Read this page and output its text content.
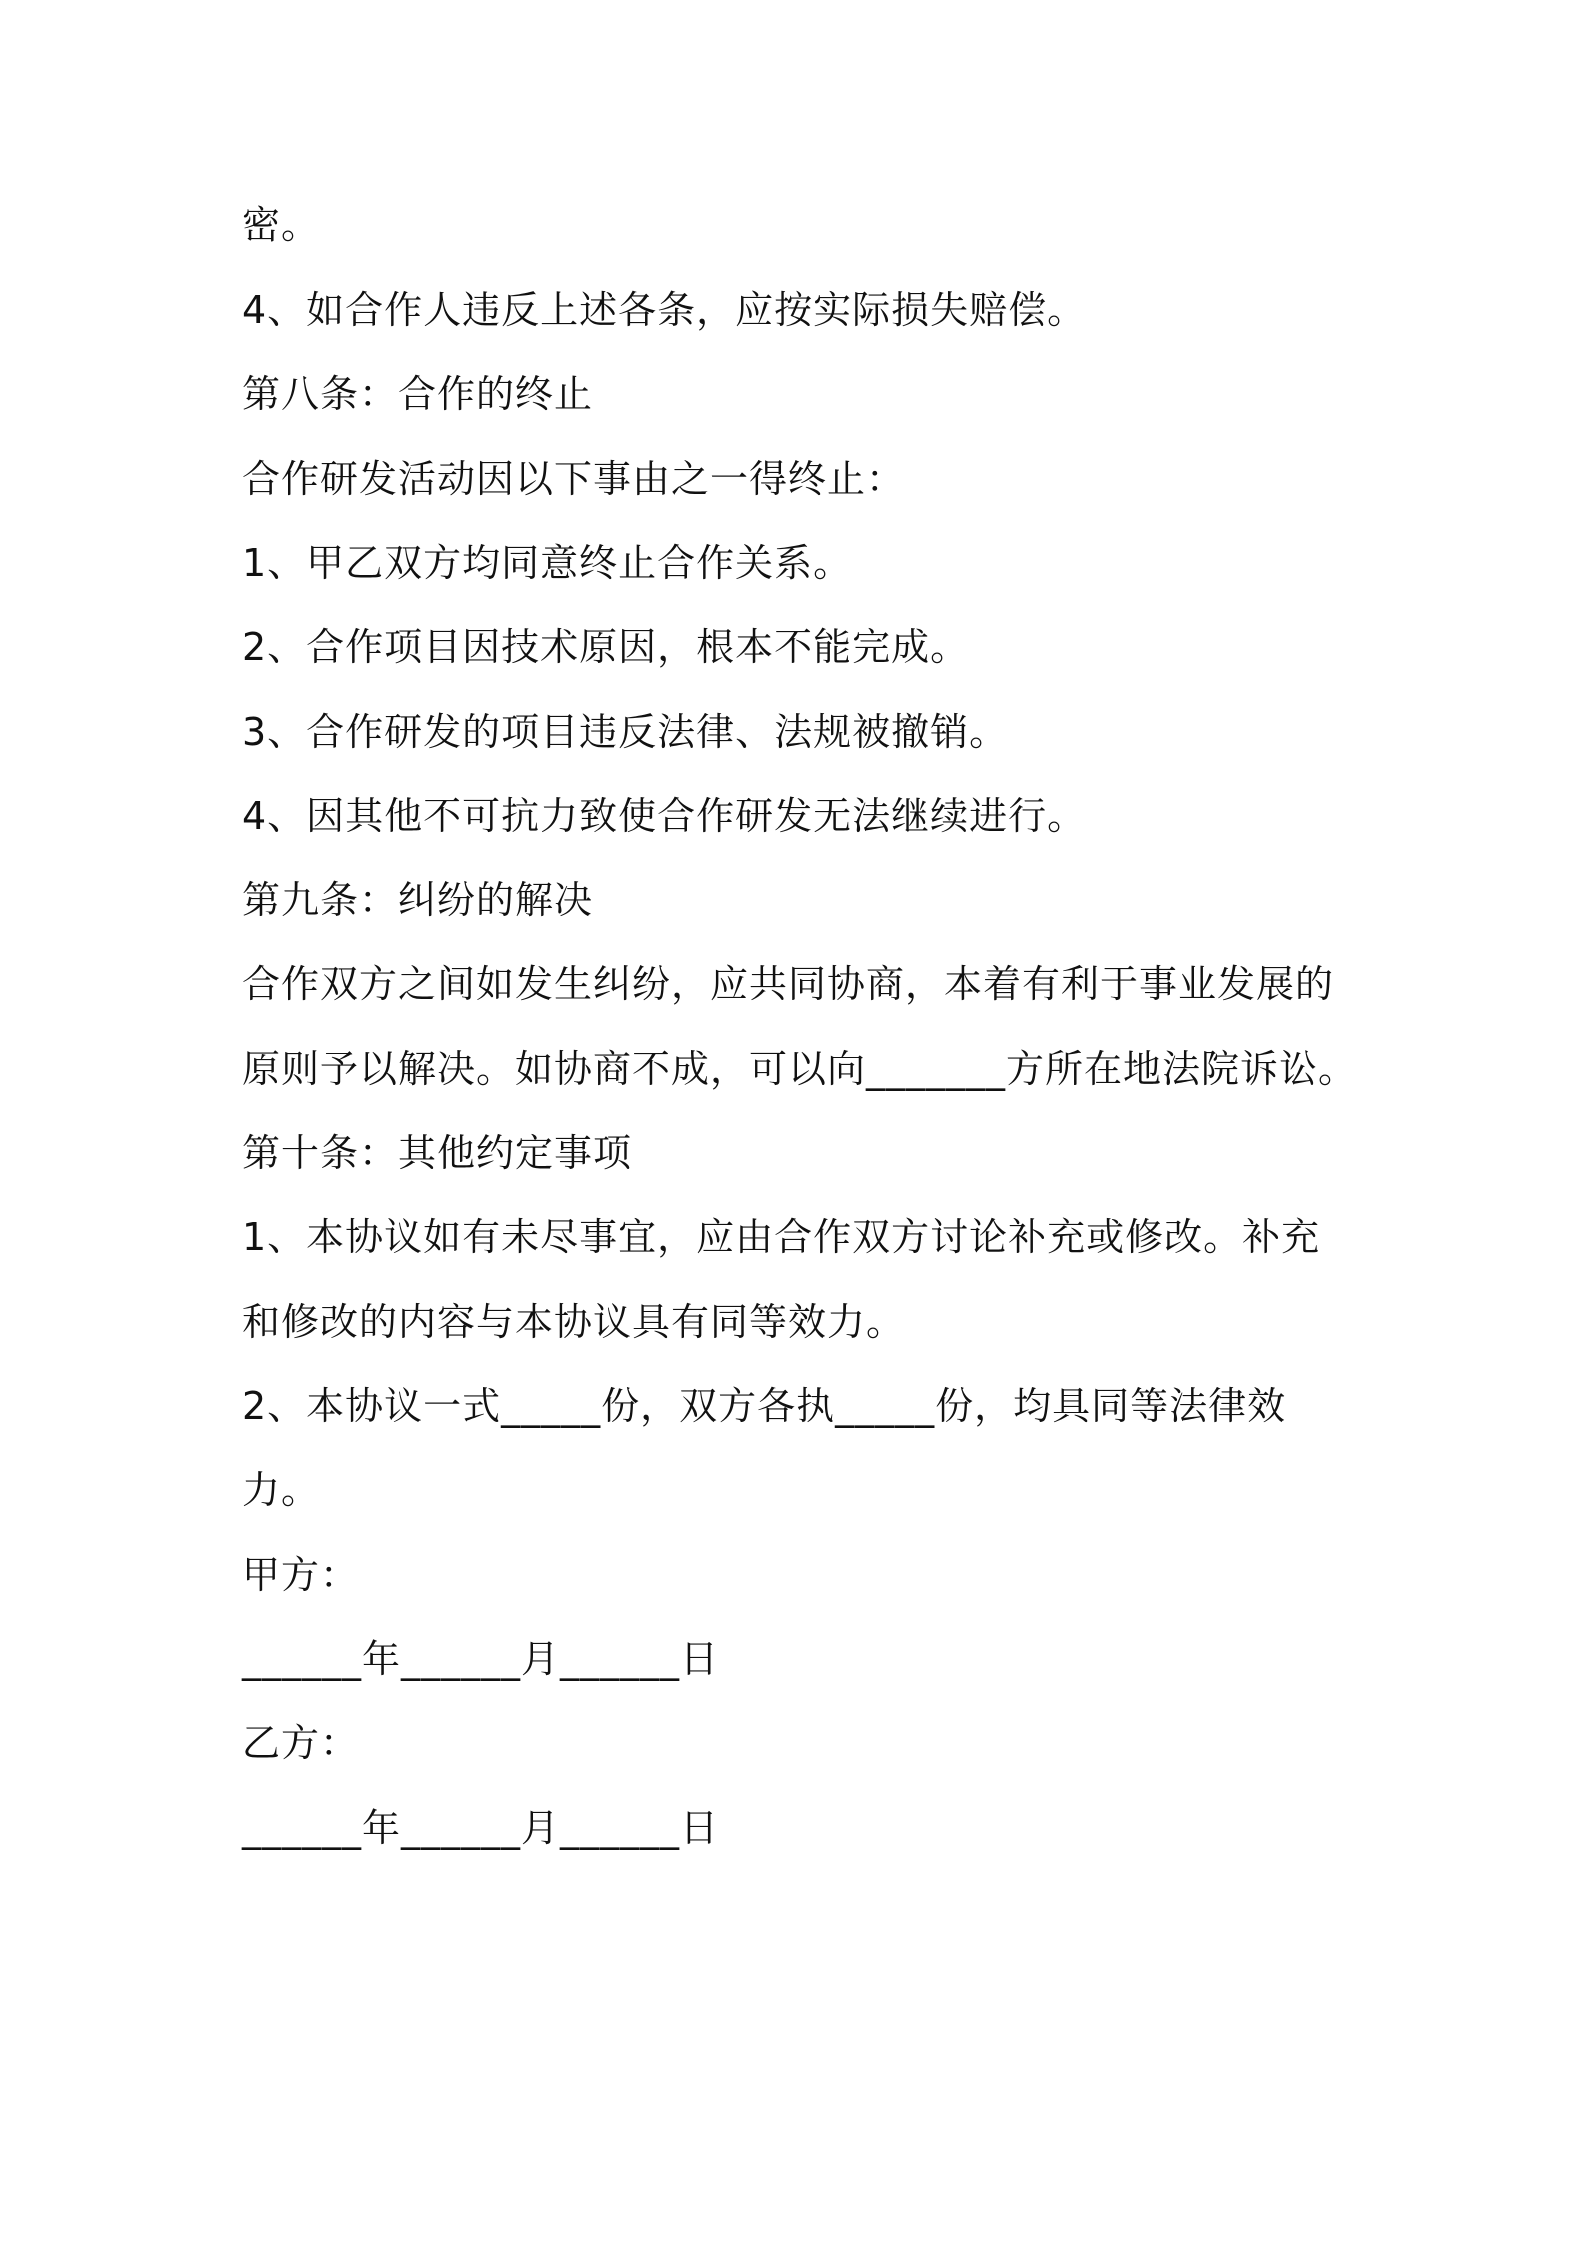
密。
4、如合作人违反上述各条，应按实际损失赔偿。
第八条：合作的终止
合作研发活动因以下事由之一得终止：
1、甲乙双方均同意终止合作关系。
2、合作项目因技术原因，根本不能完成。
3、合作研发的项目违反法律、法规被撤销。
4、因其他不可抗力致使合作研发无法继续进行。
第九条：纠纷的解决
合作双方之间如发生纠纷，应共同协商，本着有利于事业发展的
原则予以解决。如协商不成，可以向_______方所在地法院诉讼。
第十条：其他约定事项
1、本协议如有未尽事宜，应由合作双方讨论补充或修改。补充
和修改的内容与本协议具有同等效力。
2、本协议一式_____份，双方各执_____份，均具同等法律效
力。
甲方：
______年______月______日
乙方：
______年______月______日
